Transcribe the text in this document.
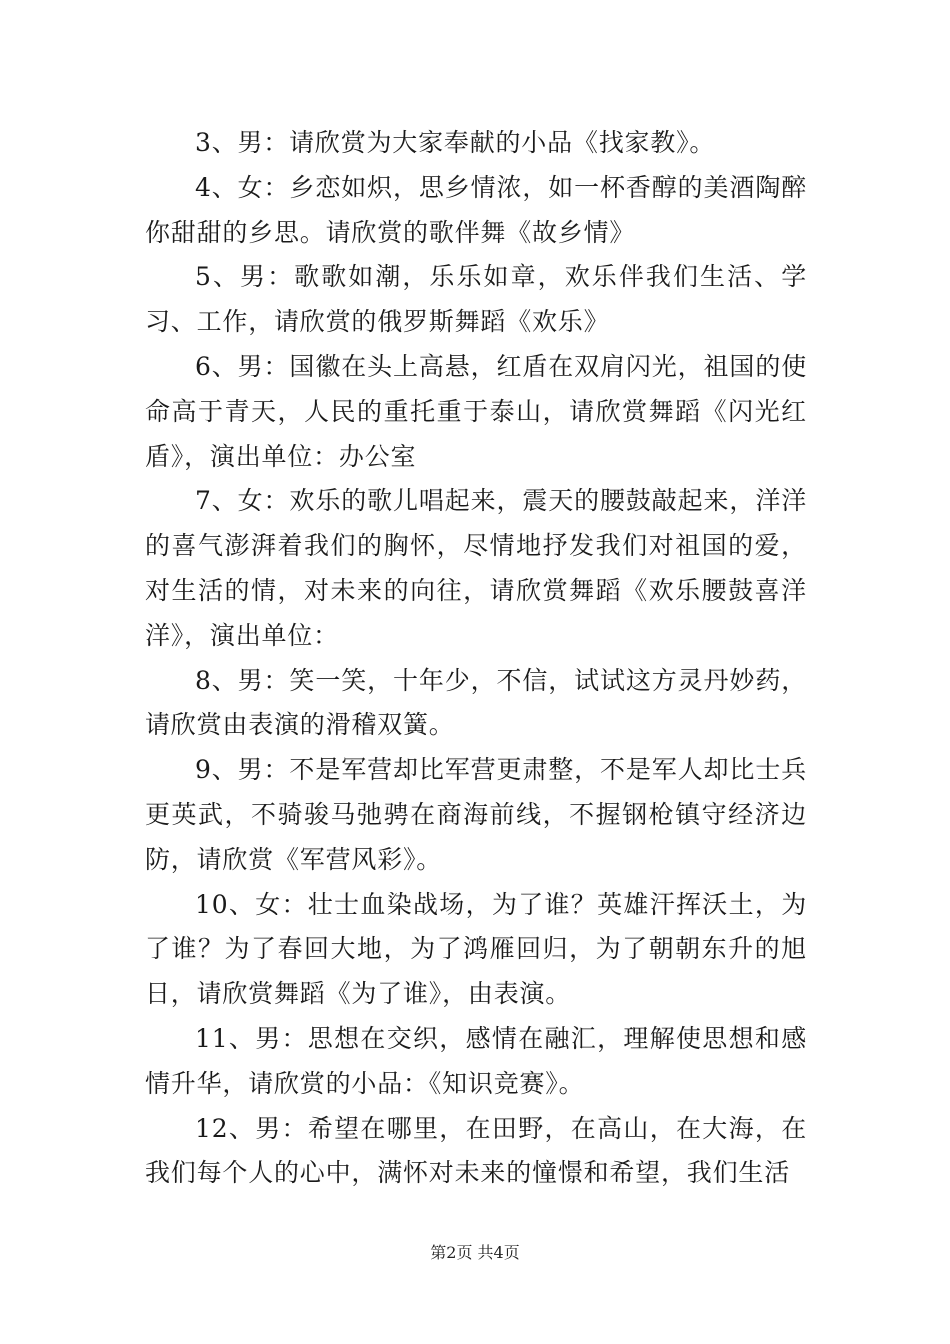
3、男：请欣赏为大家奉献的小品《找家教》。

4、女：乡恋如炽，思乡情浓，如一杯香醇的美酒陶醉你甜甜的乡思。请欣赏的歌伴舞《故乡情》

5、男：歌歌如潮，乐乐如章，欢乐伴我们生活、学习、工作，请欣赏的俄罗斯舞蹈《欢乐》

6、男：国徽在头上高悬，红盾在双肩闪光，祖国的使命高于青天，人民的重托重于泰山，请欣赏舞蹈《闪光红盾》，演出单位：办公室

7、女：欢乐的歌儿唱起来，震天的腰鼓敲起来，洋洋的喜气澎湃着我们的胸怀，尽情地抒发我们对祖国的爱，对生活的情，对未来的向往，请欣赏舞蹈《欢乐腰鼓喜洋洋》，演出单位：

8、男：笑一笑，十年少，不信，试试这方灵丹妙药，请欣赏由表演的滑稽双簧。

9、男：不是军营却比军营更肃整，不是军人却比士兵更英武，不骑骏马弛骋在商海前线，不握钢枪镇守经济边防，请欣赏《军营风彩》。

10、女：壮士血染战场，为了谁？英雄汗挥沃土，为了谁？为了春回大地，为了鸿雁回归，为了朝朝东升的旭日，请欣赏舞蹈《为了谁》，由表演。

11、男：思想在交织，感情在融汇，理解使思想和感情升华，请欣赏的小品：《知识竞赛》。

12、男：希望在哪里，在田野，在高山，在大海，在我们每个人的心中，满怀对未来的憧憬和希望，我们生活

第2页 共4页
